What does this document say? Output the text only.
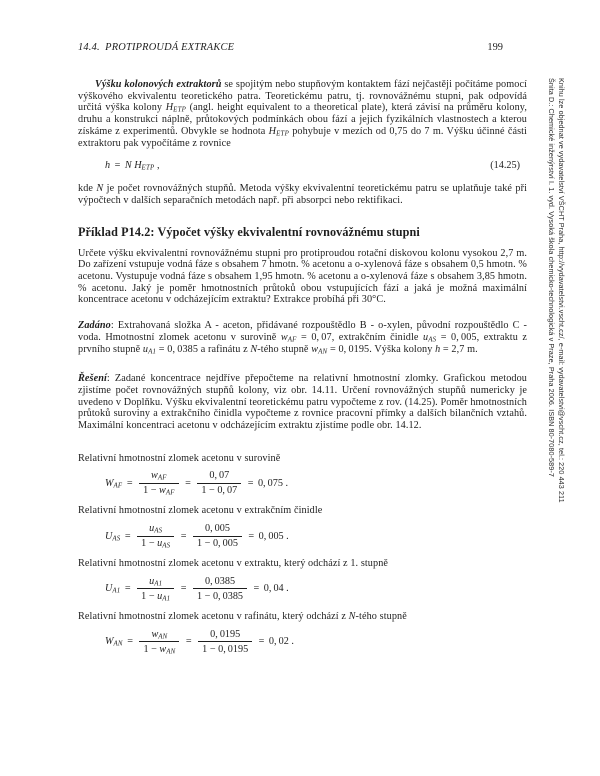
14.4. PROTIPROUDÁ EXTRAKCE	199

Výšku kolonových extraktorů se spojitým nebo stupňovým kontaktem fází nejčastěji počítáme pomocí výškového ekvivalentu teoretického patra. Teoretickému patru, tj. rovnovážnému stupni, pak odpovídá určitá výška kolony $H_{ETP}$ (angl. height equivalent to a theoretical plate), která závisí na průměru kolony, druhu a konstrukci náplně, průtokových podmínkách obou fází a jejich fyzikálních vlastnostech a kterou získáme z experimentů. Obvykle se hodnota $H_{ETP}$ pohybuje v mezích od 0,75 do 7 m. Výšku účinné části extraktoru pak vypočítáme z rovnice

h = N $H_{ETP}$ ,	(14.25)

kde N je počet rovnovážných stupňů. Metoda výšky ekvivalentní teoretickému patru se uplatňuje také při výpočtech v dalších separačních metodách např. při absorpci nebo rektifikaci.

Příklad P14.2: Výpočet výšky ekvivalentní rovnovážnému stupni

Určete výšku ekvivalentní rovnovážnému stupni pro protiproudou rotační diskovou kolonu vysokou 2,7 m. Do zařízení vstupuje vodná fáze s obsahem 7 hmotn. % acetonu a o-xylenová fáze s obsahem 0,5 hmotn. % acetonu. Vystupuje vodná fáze s obsahem 1,95 hmotn. % acetonu a o-xylenová fáze s obsahem 3,85 hmotn. % acetonu. Jaký je poměr hmotnostních průtoků obou vstupujících fází a jaká je možná maximální koncentrace acetonu v odcházejícím extraktu? Extrakce probíhá při 30°C.

Zadáno: Extrahovaná složka A - aceton, přidávané rozpouštědlo B - o-xylen, původní rozpouštědlo C - voda. Hmotnostní zlomek acetonu v surovině $w_{AF} = 0$, 07, extrakčním činidle $u_{AS} = 0$, 005, extraktu z prvního stupně $u_{A1} = 0$, 0385 a rafinátu z N-tého stupně $w_{AN} = 0$, 0195. Výška kolony h = 2,7 m.

Řešení: Zadané koncentrace nejdříve přepočteme na relativní hmotnostní zlomky. Grafickou metodou zjistíme počet rovnovážných stupňů kolony, viz obr. 14.11. Určení rovnovážných stupňů numericky je uvedeno v Doplňku. Výšku ekvivalentní teoretickému patru vypočteme z rov. (14.25). Poměr hmotnostních průtoků suroviny a extrakčního činidla vypočteme z rovnice pracovní přímky a dalších bilančních vztahů. Maximální koncentraci acetonu v odcházejícím extraktu zjistíme podle obr. 14.12.

Relativní hmotnostní zlomek acetonu v surovině

$W_{AF} = \frac{w_{AF}}{1 - w_{AF}} = \frac{0, 07}{1 - 0, 07} = 0$, 075 .

Relativní hmotnostní zlomek acetonu v extrakčním činidle

$U_{AS} = \frac{u_{AS}}{1 - u_{AS}} = \frac{0, 005}{1 - 0, 005} = 0$, 005 .

Relativní hmotnostní zlomek acetonu v extraktu, který odchází z 1. stupně

$U_{A1} = \frac{u_{A1}}{1 - u_{A1}} = \frac{0, 0385}{1 - 0, 0385} = 0$, 04 .

Relativní hmotnostní zlomek acetonu v rafinátu, který odchází z N-tého stupně

$W_{AN} = \frac{w_{AN}}{1 - w_{AN}} = \frac{0, 0195}{1 - 0, 0195} = 0$, 02 .
Šnita D.: Chemické inženýrství I. 1. vyd. Vysoká škola chemicko-technologická v Praze, Praha 2006. ISBN 80-7080-589-7 Knihu lze objednat ve vydavatelství VŠCHT Praha, http://vydavatelstvi.vscht.cz/, e-mail: vydavatelstvi@vscht.cz, tel.: 220 443 211
